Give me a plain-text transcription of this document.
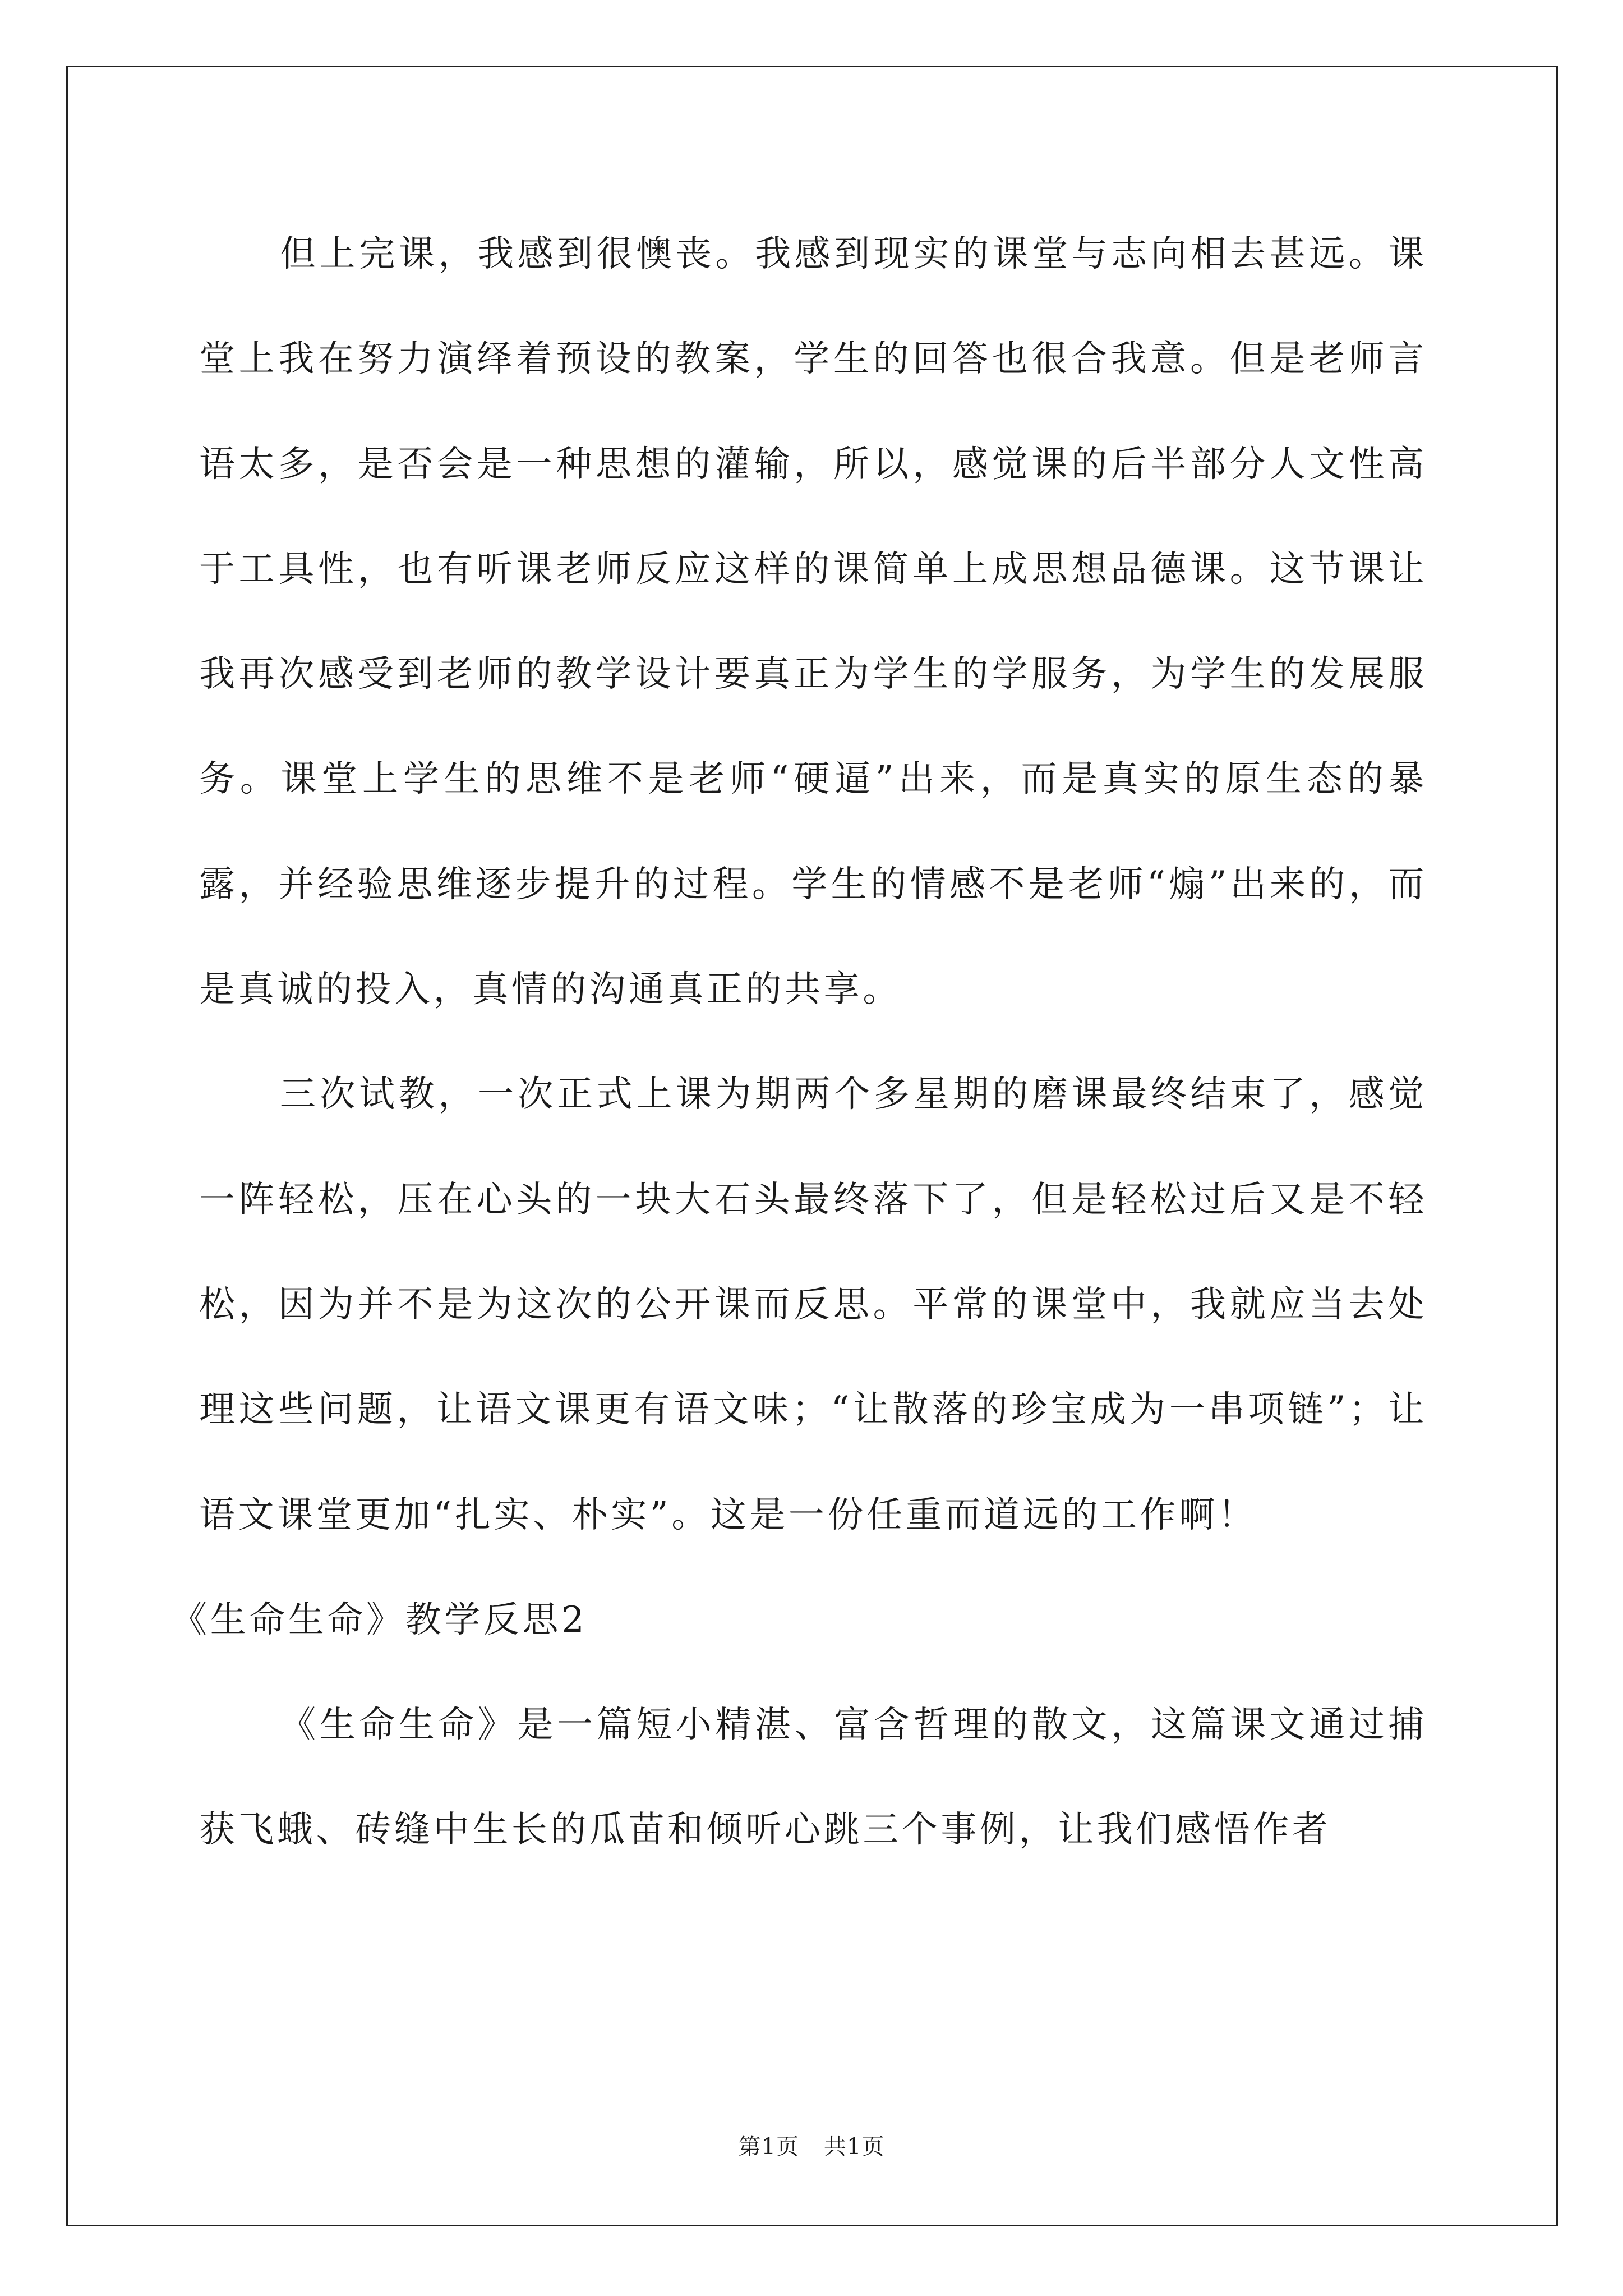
但上完课，我感到很懊丧。我感到现实的课堂与志向相去甚远。课堂上我在努力演绎着预设的教案，学生的回答也很合我意。但是老师言语太多，是否会是一种思想的灌输，所以，感觉课的后半部分人文性高于工具性，也有听课老师反应这样的课简单上成思想品德课。这节课让我再次感受到老师的教学设计要真正为学生的学服务，为学生的发展服务。课堂上学生的思维不是老师“硬逼”出来，而是真实的原生态的暴露，并经验思维逐步提升的过程。学生的情感不是老师“煽”出来的，而是真诚的投入，真情的沟通真正的共享。

三次试教，一次正式上课为期两个多星期的磨课最终结束了，感觉一阵轻松，压在心头的一块大石头最终落下了，但是轻松过后又是不轻松，因为并不是为这次的公开课而反思。平常的课堂中，我就应当去处理这些问题，让语文课更有语文味；“让散落的珍宝成为一串项链”；让语文课堂更加“扎实、朴实”。这是一份任重而道远的工作啊！

《生命生命》教学反思2

《生命生命》是一篇短小精湛、富含哲理的散文，这篇课文通过捕获飞蛾、砖缝中生长的瓜苗和倾听心跳三个事例，让我们感悟作者

第1页 共1页
